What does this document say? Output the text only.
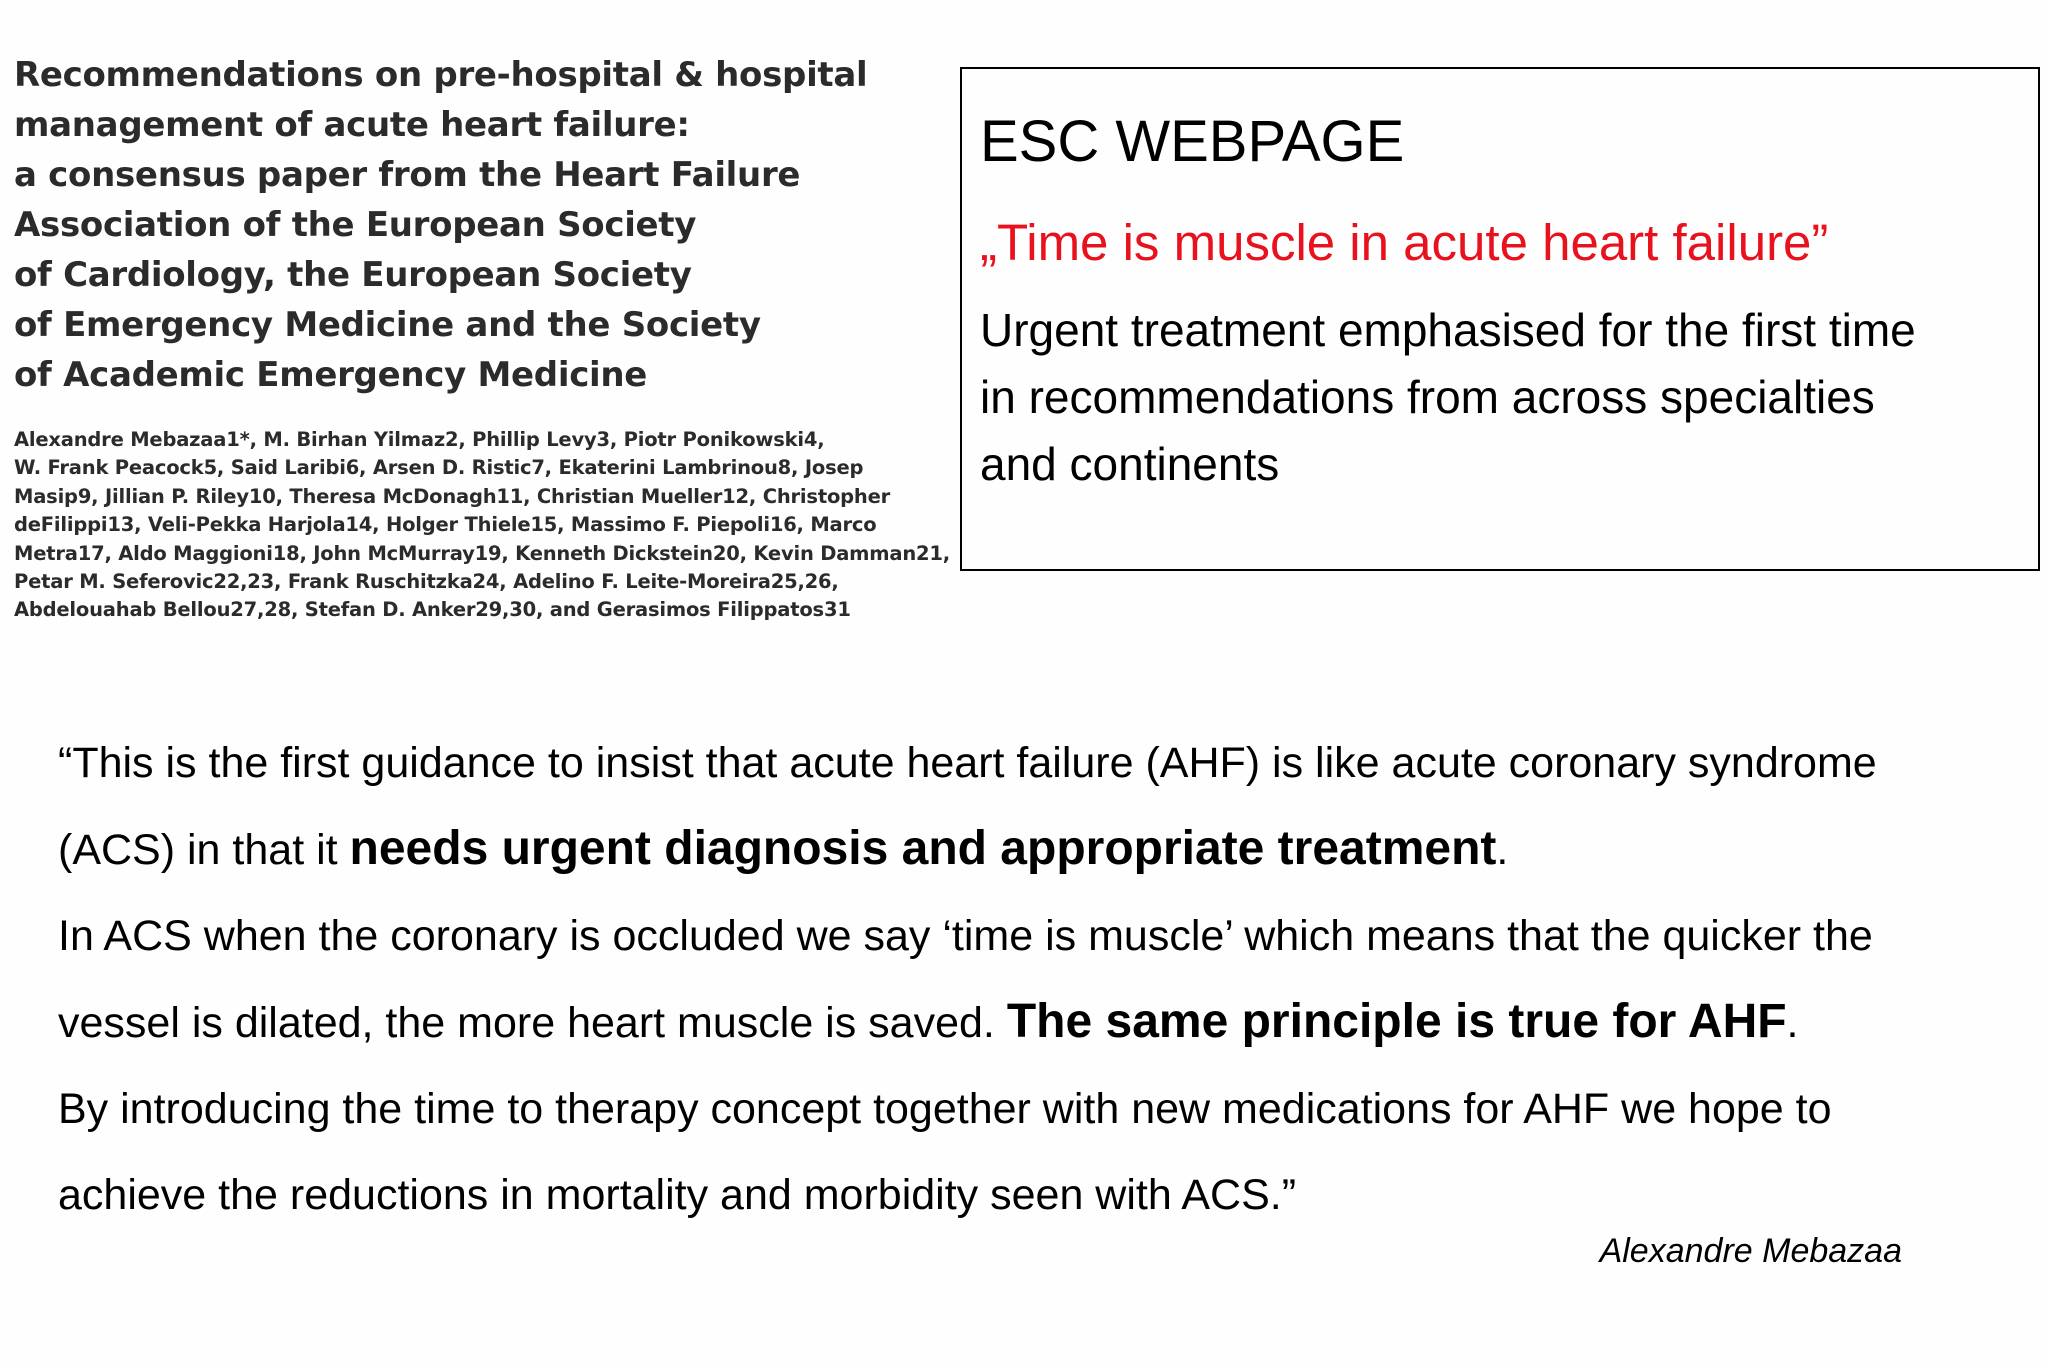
Recommendations on pre-hospital & hospital
management of acute heart failure:
a consensus paper from the Heart Failure
Association of the European Society
of Cardiology, the European Society
of Emergency Medicine and the Society
of Academic Emergency Medicine
Alexandre Mebazaa1*, M. Birhan Yilmaz2, Phillip Levy3, Piotr Ponikowski4,
W. Frank Peacock5, Said Laribi6, Arsen D. Ristic7, Ekaterini Lambrinou8, Josep
Masip9, Jillian P. Riley10, Theresa McDonagh11, Christian Mueller12, Christopher
deFilippi13, Veli-Pekka Harjola14, Holger Thiele15, Massimo F. Piepoli16, Marco
Metra17, Aldo Maggioni18, John McMurray19, Kenneth Dickstein20, Kevin Damman21,
Petar M. Seferovic22,23, Frank Ruschitzka24, Adelino F. Leite-Moreira25,26,
Abdelouahab Bellou27,28, Stefan D. Anker29,30, and Gerasimos Filippatos31
ESC WEBPAGE
„Time is muscle in acute heart failure”
Urgent treatment emphasised for the first time
in recommendations from across specialties
and continents
“This is the first guidance to insist that acute heart failure (AHF) is like acute coronary syndrome
(ACS) in that it needs urgent diagnosis and appropriate treatment.
In ACS when the coronary is occluded we say ‘time is muscle’ which means that the quicker the
vessel is dilated, the more heart muscle is saved. The same principle is true for AHF.
By introducing the time to therapy concept together with new medications for AHF we hope to
achieve the reductions in mortality and morbidity seen with ACS.”
Alexandre Mebazaa
